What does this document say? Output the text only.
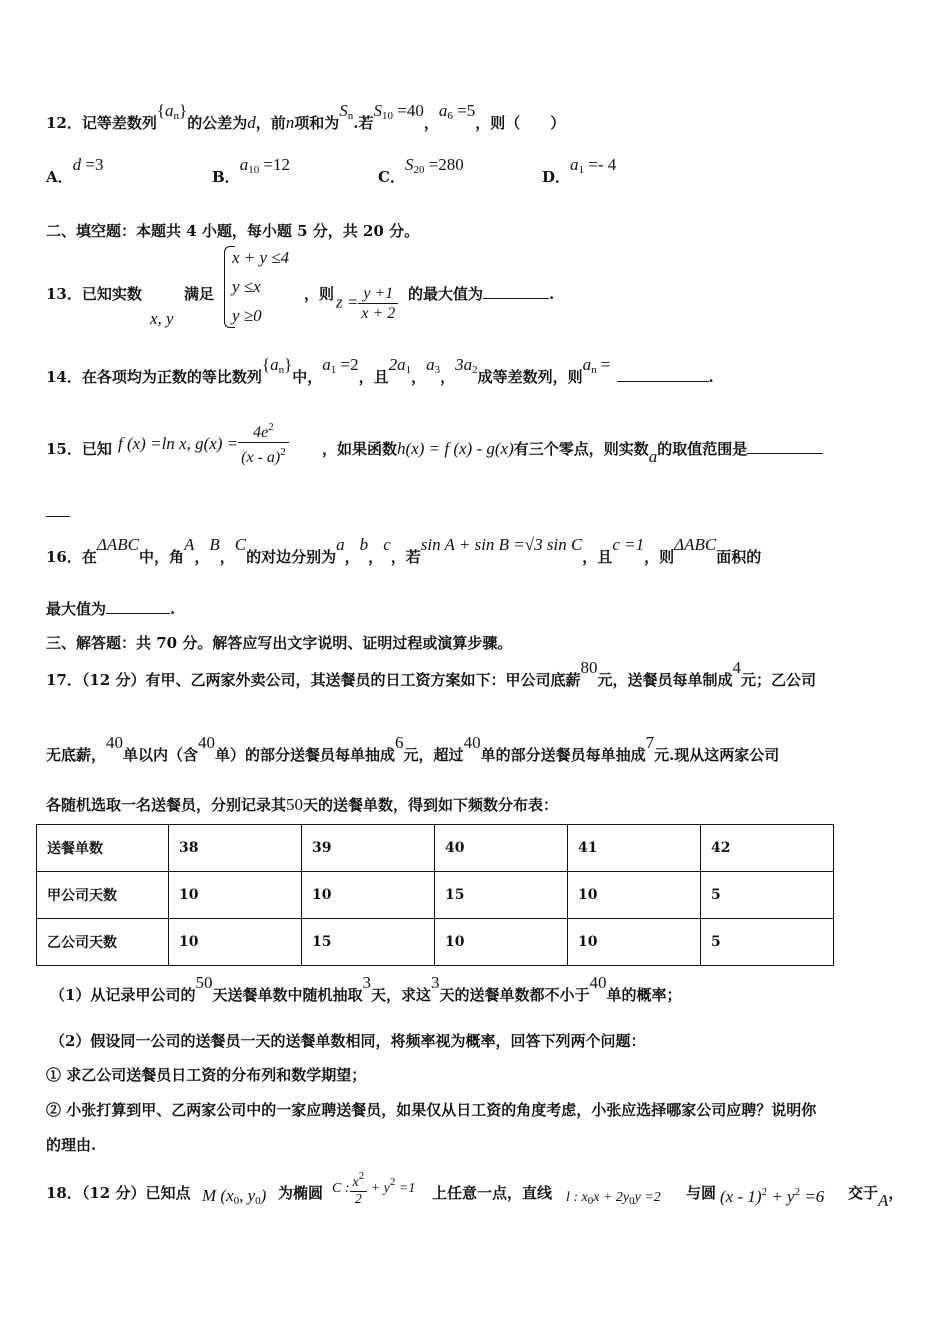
12．记等差数列$\{a_n\}$的公差为d，前n项和为$S_n$.若$S_{10} =40$，$a_6 =5$，则（　　）
A．d =3
B．$a_{10} =12$
C．$S_{20} =280$
D．$a_1 =- 4$
二、填空题：本题共 4 小题，每小题 5 分，共 20 分。
13．已知实数
x, y
满足
x + y ≤4
y ≤x
y ≥0
，则 $z = \frac{y +1}{x + 2}$ 的最大值为	.
14．在各项均为正数的等比数列$\{a_n\}$中，$a_1 =2$，且$2a_1$，$a_3$，$3a_2$成等差数列，则$a_n$ =.
15．已知 f (x) =ln x, $g(x) = \frac{4e^2}{(x - a)^2}$ ，如果函数h(x) = f (x) - g(x)有三个零点，则实数a的取值范围是
16．在ΔABC中，角A，B，C的对边分别为a，b，c，若sin A + sin B =√3 sin C，且c =1，则ΔABC面积的
最大值为	.
三、解答题：共 70 分。解答应写出文字说明、证明过程或演算步骤。
17．（12 分）有甲、乙两家外卖公司，其送餐员的日工资方案如下：甲公司底薪80元，送餐员每单制成4元；乙公司
无底薪，40单以内（含40单）的部分送餐员每单抽成6元，超过40单的部分送餐员每单抽成7元.现从这两家公司
各随机选取一名送餐员，分别记录其50天的送餐单数，得到如下频数分布表：
送餐单数	38	39	40	41	42
甲公司天数	10	10	15	10	5
乙公司天数	10	15	10	10	5
（1）从记录甲公司的50天送餐单数中随机抽取3天，求这3天的送餐单数都不小于40单的概率；
（2）假设同一公司的送餐员一天的送餐单数相同，将频率视为概率，回答下列两个问题：
① 求乙公司送餐员日工资的分布列和数学期望；
② 小张打算到甲、乙两家公司中的一家应聘送餐员，如果仅从日工资的角度考虑，小张应选择哪家公司应聘？说明你
的理由.
18．（12 分）已知点 M ($x_0$, $y_0$) 为椭圆 C : $\frac{x^2}{2} + y^2 =1$ 上任意一点，直线 l : $x_0x + 2y_0y =2$ 与圆 $(x - 1)^2 + y^2 =6$ 交于A，
